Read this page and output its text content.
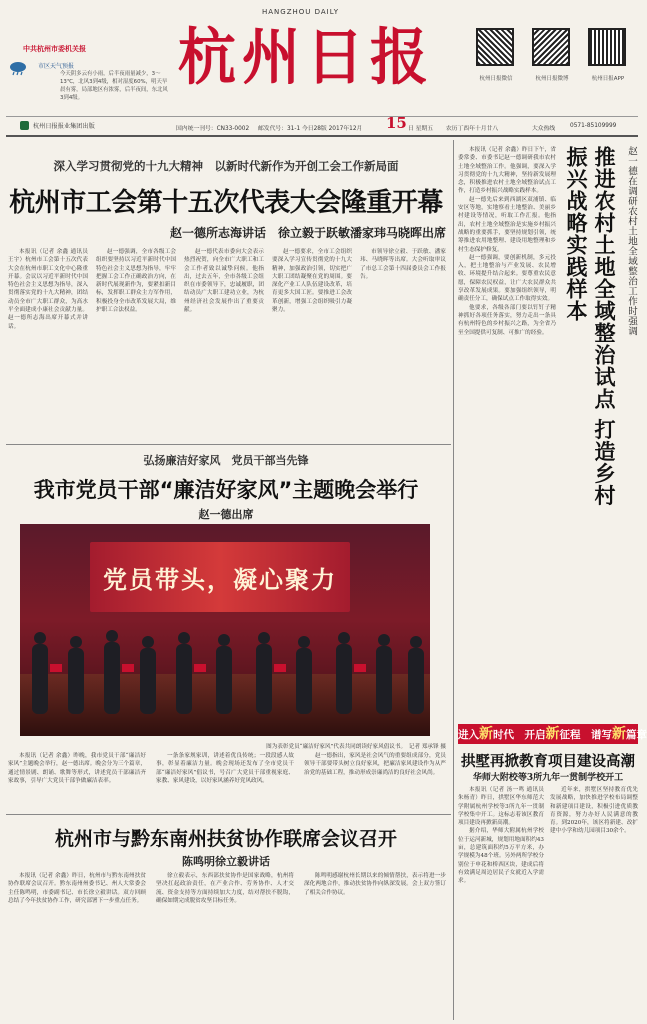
中共杭州市委机关报
市区天气预报
今天阴多云有小雨，后半夜雨量减少，3～13℃，北风3到4级，相对湿度60%，明天早晨有雾，局部地区有浓雾，后半夜间，东北风3到4级。
HANGZHOU DAILY
杭州日报	杭州日报微信	杭州日报微博	杭州日报APP
杭州日报报业集团出版	国内统一刊号：CN33-0002 邮发代号：31-1 今日28版 2017年12月 15 日 星期五 农历丁酉年十月廿八	大众热线	0571-85109999
深入学习贯彻党的十九大精神　以新时代新作为开创工会工作新局面
杭州市工会第十五次代表大会隆重开幕
赵一德所志海讲话　徐立毅于跃敏潘家玮马晓晖出席

本报讯（记者 余鑫 通讯员 王宇）杭州市工会第十五次代表大会在杭州市职工文化中心隆重开幕。会议以习近平新时代中国特色社会主义思想为指导，深入贯彻落实党的十九大精神，团结动员全市广大职工群众，为高水平全面建成小康社会贡献力量。赵一德所志海出席开幕式并讲话。

赵一德强调，全市各级工会组织要坚持以习近平新时代中国特色社会主义思想为指导，牢牢把握工会工作正确政治方向，在新时代展现新作为，要紧扣新目标，发挥职工群众主力军作用，积极投身全市改革发展大局，维护职工合法权益。

赵一德代表市委向大会表示热烈祝贺，向全市广大职工和工会工作者致以诚挚问候。他指出，过去五年，全市各级工会组织在市委领导下，忠诚履职，团结动员广大职工建功立业，为杭州经济社会发展作出了重要贡献。

赵一德要求，全市工会组织要深入学习宣传贯彻党的十九大精神，加强政治引领，切实把广大职工团结凝聚在党的周围。要深化产业工人队伍建设改革，培育更多大国工匠。要推进工会改革创新，增强工会组织吸引力凝聚力。

市领导徐立毅、于跃敏、潘家玮、马晓晖等出席。大会听取审议了市总工会第十四届委员会工作报告。

弘扬廉洁好家风　党员干部当先锋
我市党员干部“廉洁好家风”主题晚会举行
赵一德出席
党员带头，凝心聚力
图为表彰党员“廉洁好家风”代表共同朗读好家风倡议书。　记者 郑承锋 摄

本报讯（记者 余鑫）昨晚，我市党员干部“廉洁好家风”主题晚会举行，赵一德出席。晚会分为三个篇章，通过情景剧、朗诵、歌舞等形式，讲述党员干部廉洁齐家故事，引导广大党员干部争做廉洁表率。

一条条家规家训，讲述着优良传统；一段段感人故事，彰显着廉洁力量。晚会现场还发布了全市党员干部“廉洁好家风”倡议书，号召广大党员干部重视家庭、家教、家风建设，以好家风涵养好党风政风。

赵一德指出，家风是社会风气的重要组成部分，党员领导干部要带头树立良好家风，把廉洁家风建设作为从严治党的基础工程，推动形成崇廉尚洁的良好社会风尚。

杭州市与黔东南州扶贫协作联席会议召开
陈鸣明徐立毅讲话

本报讯（记者 余鑫）昨日，杭州市与黔东南州扶贫协作联席会议召开。黔东南州州委书记、州人大常委会主任陈鸣明，市委副书记、市长徐立毅讲话。双方回顾总结了今年扶贫协作工作，研究部署下一步重点任务。

徐立毅表示，东西部扶贫协作是国家战略，杭州将坚决扛起政治责任，在产业合作、劳务协作、人才交流、资金支持等方面持续加大力度，结对帮扶不脱钩，确保如期完成脱贫攻坚目标任务。

陈鸣明感谢杭州长期以来的倾情帮扶，表示将进一步深化两地合作，推动扶贫协作向纵深发展。会上双方签订了相关合作协议。

本报讯（记者 余鑫）昨日下午，省委常委、市委书记赵一德调研我市农村土地全域整治工作。他强调，要深入学习贯彻党的十九大精神，坚持新发展理念，积极推进农村土地全域整治试点工作，打造乡村振兴战略实践样本。

赵一德先后来到西湖区双浦镇、临安区等地，实地察看土地整治、美丽乡村建设等情况，听取工作汇报。他指出，农村土地全域整治是实施乡村振兴战略的重要抓手，要坚持规划引领，统筹推进农用地整理、建设用地整理和乡村生态保护修复。

赵一德强调，要创新机制，多元投入，把土地整治与产业发展、农民增收、环境提升结合起来。要尊重农民意愿，保障农民权益，让广大农民群众共享改革发展成果。要加强组织领导，明确责任分工，确保试点工作取得实效。

他要求，各级各部门要以钉钉子精神抓好各项任务落实，努力走出一条具有杭州特色的乡村振兴之路，为全省乃至全国提供可复制、可推广的经验。	推进农村土地全域整治试点 打造乡村振兴战略实践样本	赵一德在调研农村土地全域整治工作时强调
进入新时代　开启新征程　谱写新篇章
拱墅再掀教育项目建设高潮
华师大附校等3所九年一贯制学校开工

本报讯（记者 汤一鸣 通讯员 朱杨青）昨日，拱墅区华东师范大学附属杭州学校等3所九年一贯制学校集中开工。这标志着该区教育项目建设再掀新高潮。

据介绍，华师大附属杭州学校位于运河新城，规划用地面积约43亩，总建筑面积约5万平方米，办学规模为48个班。另外两所学校分别位于申花和桥西区块，建成后将有效满足周边居民子女就近入学需求。

近年来，拱墅区坚持教育优先发展战略，加快推进学校布局调整和新建项目建设，积极引进优质教育资源，努力办好人民满意的教育。到2020年，该区将新建、改扩建中小学和幼儿园项目30余个。
